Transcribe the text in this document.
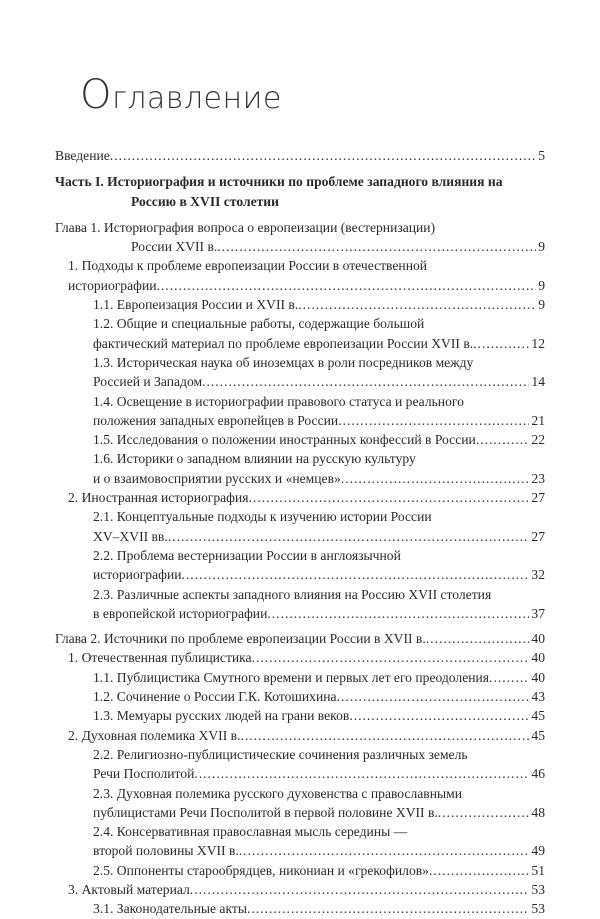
Оглавление
Введение .....	5
Часть I. Историография и источники по проблеме западного влияния на
Россию в XVII столетии
Глава 1. Историография вопроса о европеизации (вестернизации)
России XVII в. .....	9
1. Подходы к проблеме европеизации России в отечественной
историографии .....	9
1.1. Европеизация России и XVII в. .....	9
1.2. Общие и специальные работы, содержащие большой
фактический материал по проблеме европеизации России XVII в. .....	12
1.3. Историческая наука об иноземцах в роли посредников между
Россией и Западом .....	14
1.4. Освещение в историографии правового статуса и реального
положения западных европейцев в России .....	21
1.5. Исследования о положении иностранных конфессий в России .....	22
1.6. Историки о западном влиянии на русскую культуру
и о взаимовосприятии русских и «немцев» .....	23
2. Иностранная историография .....	27
2.1. Концептуальные подходы к изучению истории России
XV–XVII вв. .....	27
2.2. Проблема вестернизации России в англоязычной
историографии .....	32
2.3. Различные аспекты западного влияния на Россию XVII столетия
в европейской историографии .....	37
Глава 2. Источники по проблеме европеизации России в XVII в. .....	40
1. Отечественная публицистика .....	40
1.1. Публицистика Смутного времени и первых лет его преодоления .....	40
1.2. Сочинение о России Г.К. Котошихина .....	43
1.3. Мемуары русских людей на грани веков .....	45
2. Духовная полемика XVII в. .....	45
2.2. Религиозно-публицистические сочинения различных земель
Речи Посполитой .....	46
2.3. Духовная полемика русского духовенства с православными
публицистами Речи Посполитой в первой половине XVII в. .....	48
2.4. Консервативная православная мысль середины —
второй половины XVII в. .....	49
2.5. Оппоненты старообрядцев, никониан и «грекофилов» .....	51
3. Актовый материал .....	53
3.1. Законодательные акты .....	53
